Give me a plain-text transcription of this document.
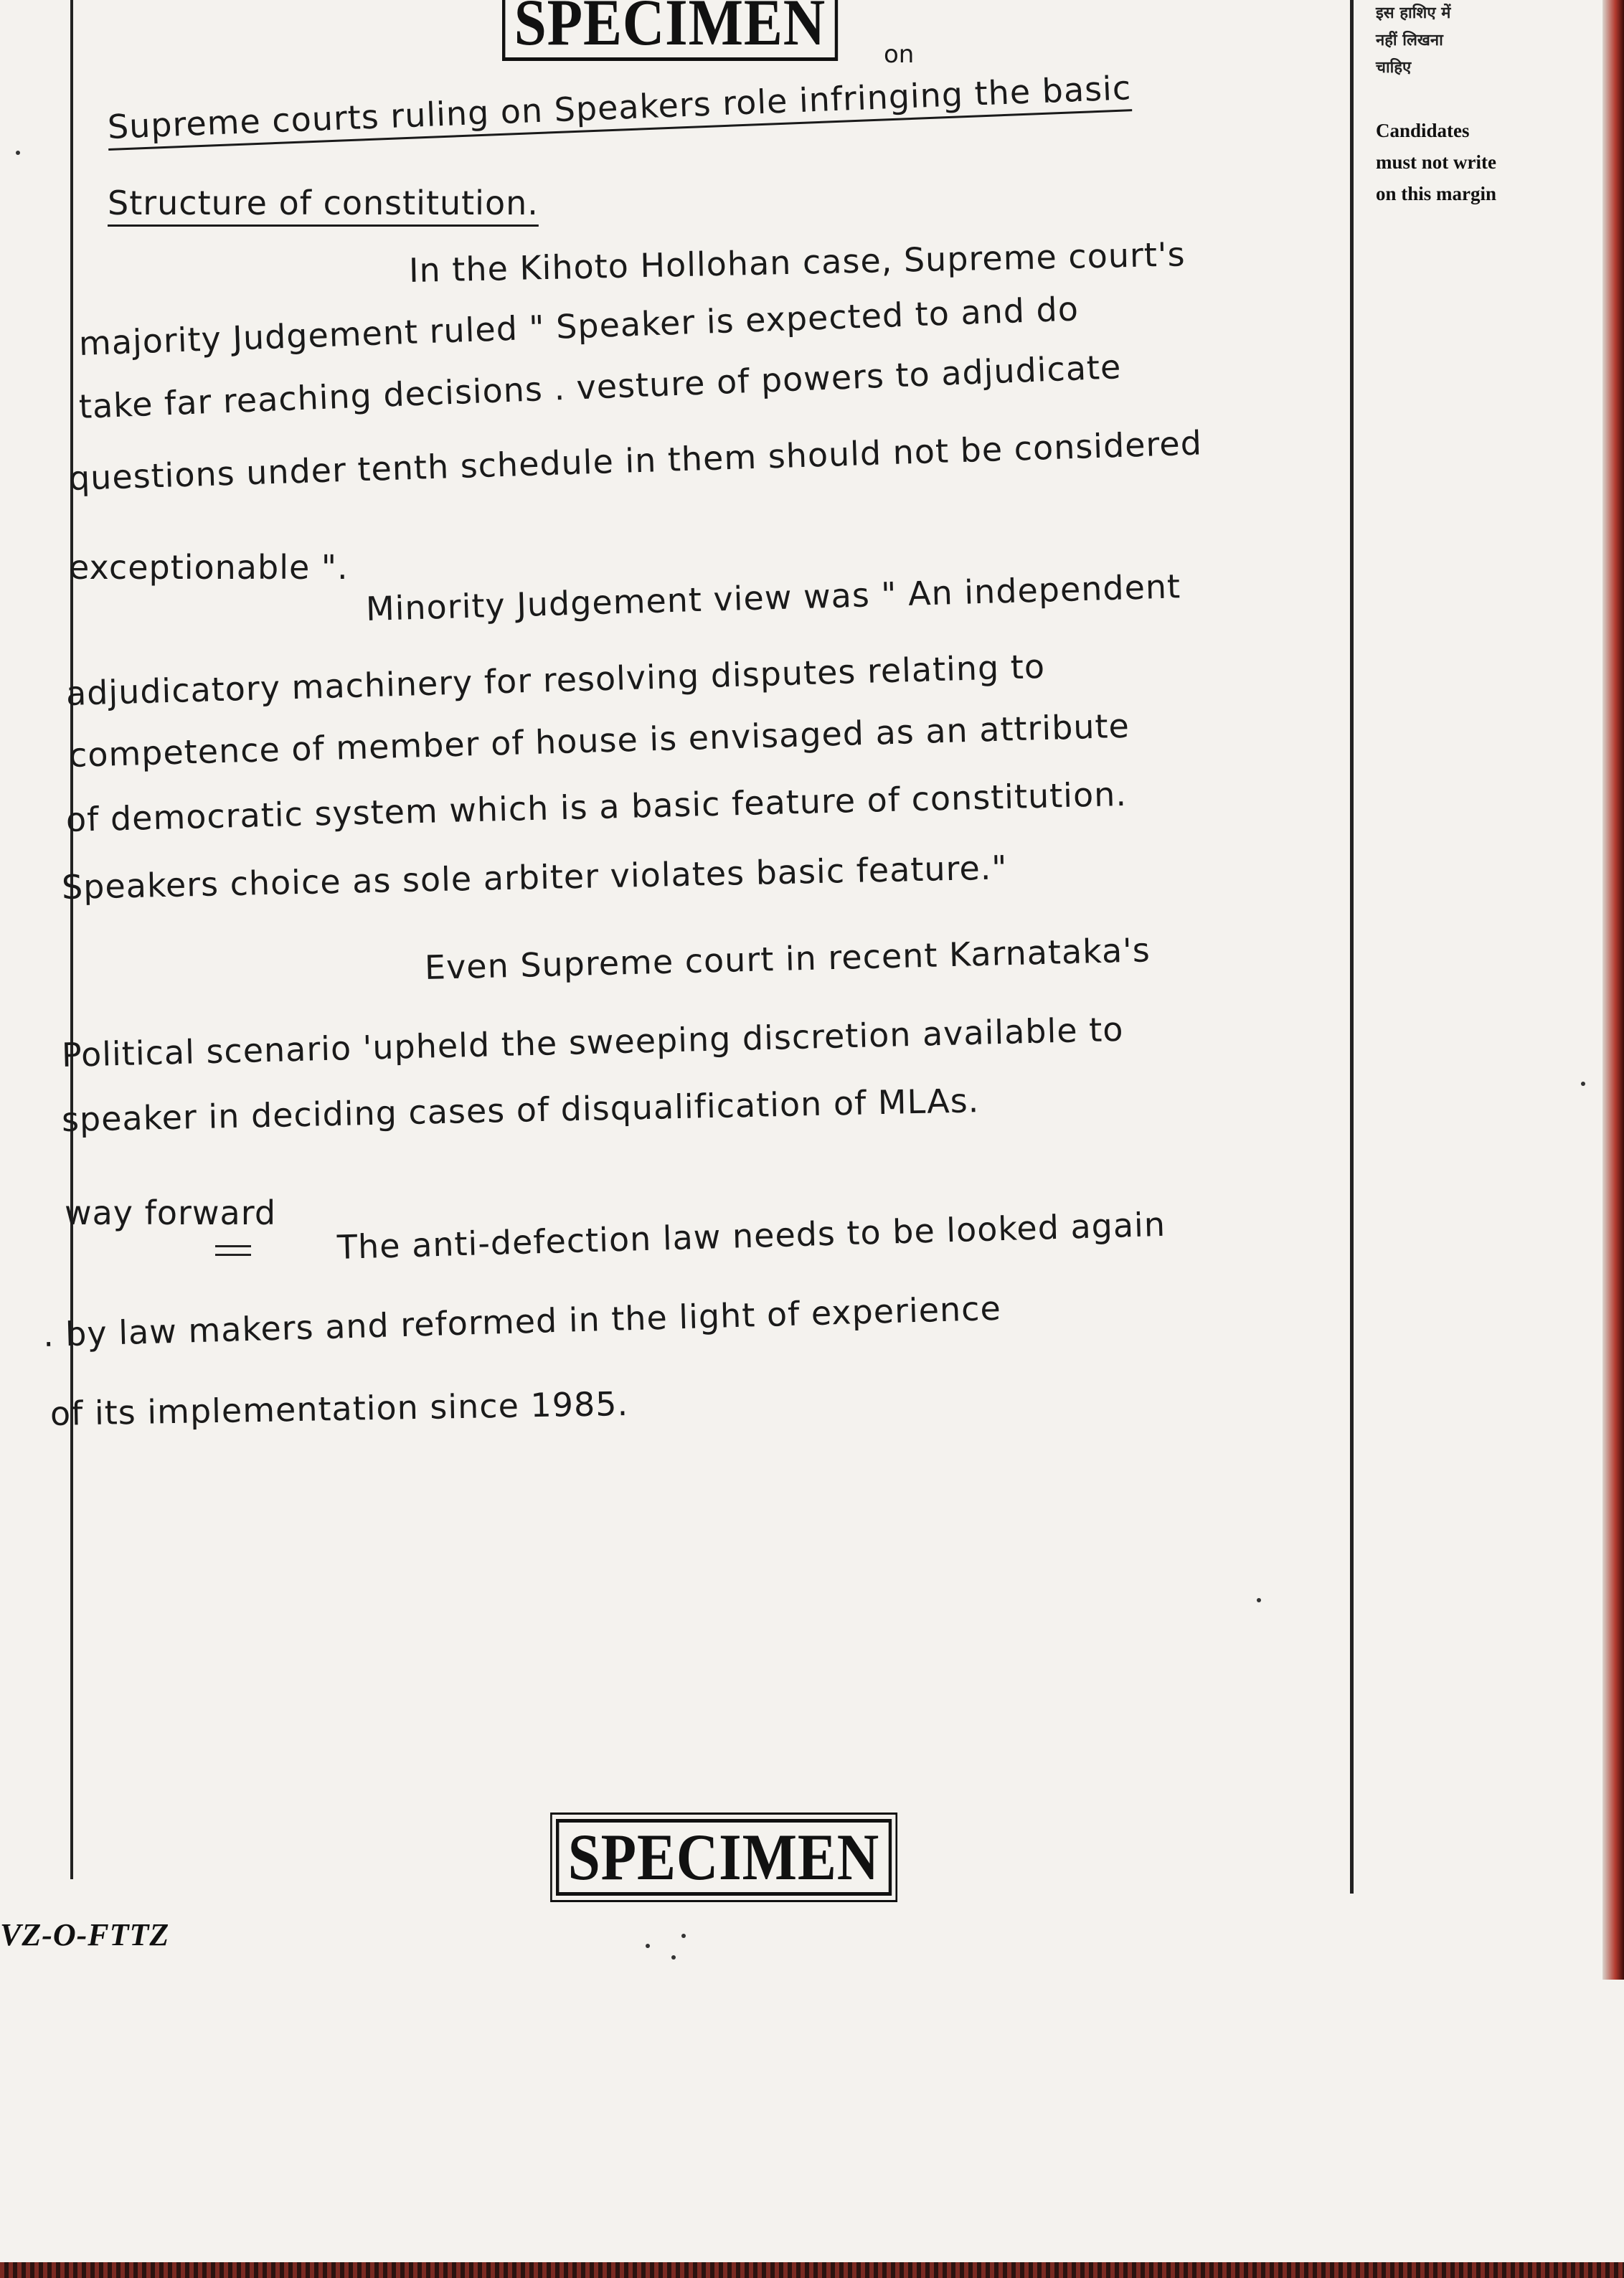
SPECIMEN
SPECIMEN
इस हाशिए में
नहीं लिखना
चाहिए
Candidates
must not write
on this margin
VZ-O-FTTZ
on
Supreme courts ruling on Speakers role infringing the basic
Structure of constitution.
In the Kihoto Hollohan case, Supreme court's
majority Judgement ruled " Speaker is expected to and do
take far reaching decisions . vesture of powers to adjudicate
questions under tenth schedule in them should not be considered
exceptionable ". Minority Judgement view was " An independent
adjudicatory machinery for resolving disputes relating to
competence of member of house is envisaged as an attribute
of democratic system which is a basic feature of constitution.
Speakers choice as sole arbiter violates basic feature."
Even Supreme court in recent Karnataka's
Political scenario 'upheld the sweeping discretion available to
speaker in deciding cases of disqualification of MLAs.
way forward The anti-defection law needs to be looked again
. by law makers and reformed in the light of experience
of its implementation since 1985.
